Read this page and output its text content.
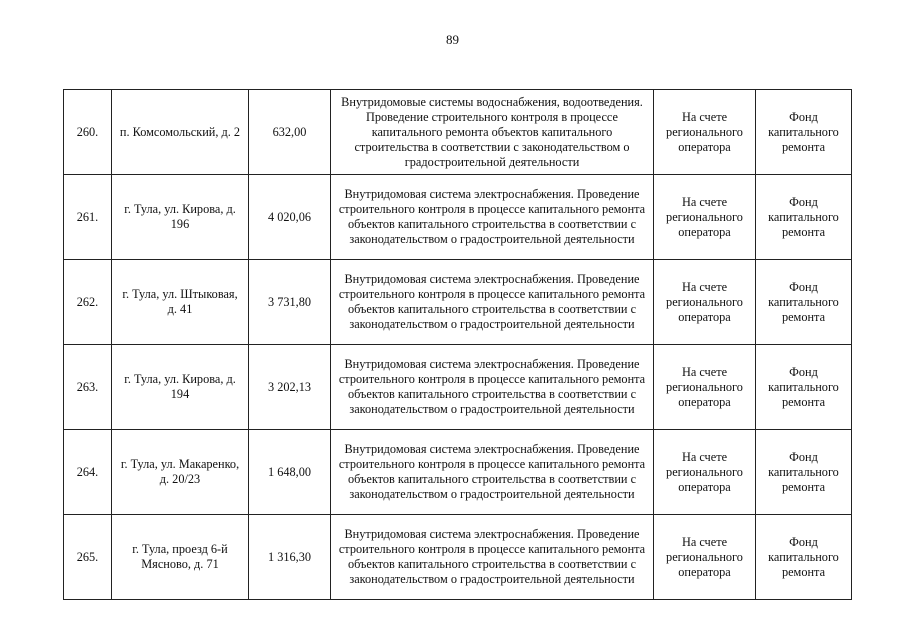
89
260.	п. Комсомольский, д. 2	632,00	Внутридомовые системы водоснабжения, водоотведения. Проведение строительного контроля в процессе капитального ремонта объектов капитального строительства в соответствии с законодательством о градостроительной деятельности	На счете регионального оператора	Фонд капитального ремонта
261.	г. Тула, ул. Кирова, д. 196	4 020,06	Внутридомовая система электроснабжения. Проведение строительного контроля в процессе капитального ремонта объектов капитального строительства в соответствии с законодательством о градостроительной деятельности	На счете регионального оператора	Фонд капитального ремонта
262.	г. Тула, ул. Штыковая, д. 41	3 731,80	Внутридомовая система электроснабжения. Проведение строительного контроля в процессе капитального ремонта объектов капитального строительства в соответствии с законодательством о градостроительной деятельности	На счете регионального оператора	Фонд капитального ремонта
263.	г. Тула, ул. Кирова, д. 194	3 202,13	Внутридомовая система электроснабжения. Проведение строительного контроля в процессе капитального ремонта объектов капитального строительства в соответствии с законодательством о градостроительной деятельности	На счете регионального оператора	Фонд капитального ремонта
264.	г. Тула, ул. Макаренко, д. 20/23	1 648,00	Внутридомовая система электроснабжения. Проведение строительного контроля в процессе капитального ремонта объектов капитального строительства в соответствии с законодательством о градостроительной деятельности	На счете регионального оператора	Фонд капитального ремонта
265.	г. Тула, проезд 6-й Мясново, д. 71	1 316,30	Внутридомовая система электроснабжения. Проведение строительного контроля в процессе капитального ремонта объектов капитального строительства в соответствии с законодательством о градостроительной деятельности	На счете регионального оператора	Фонд капитального ремонта
